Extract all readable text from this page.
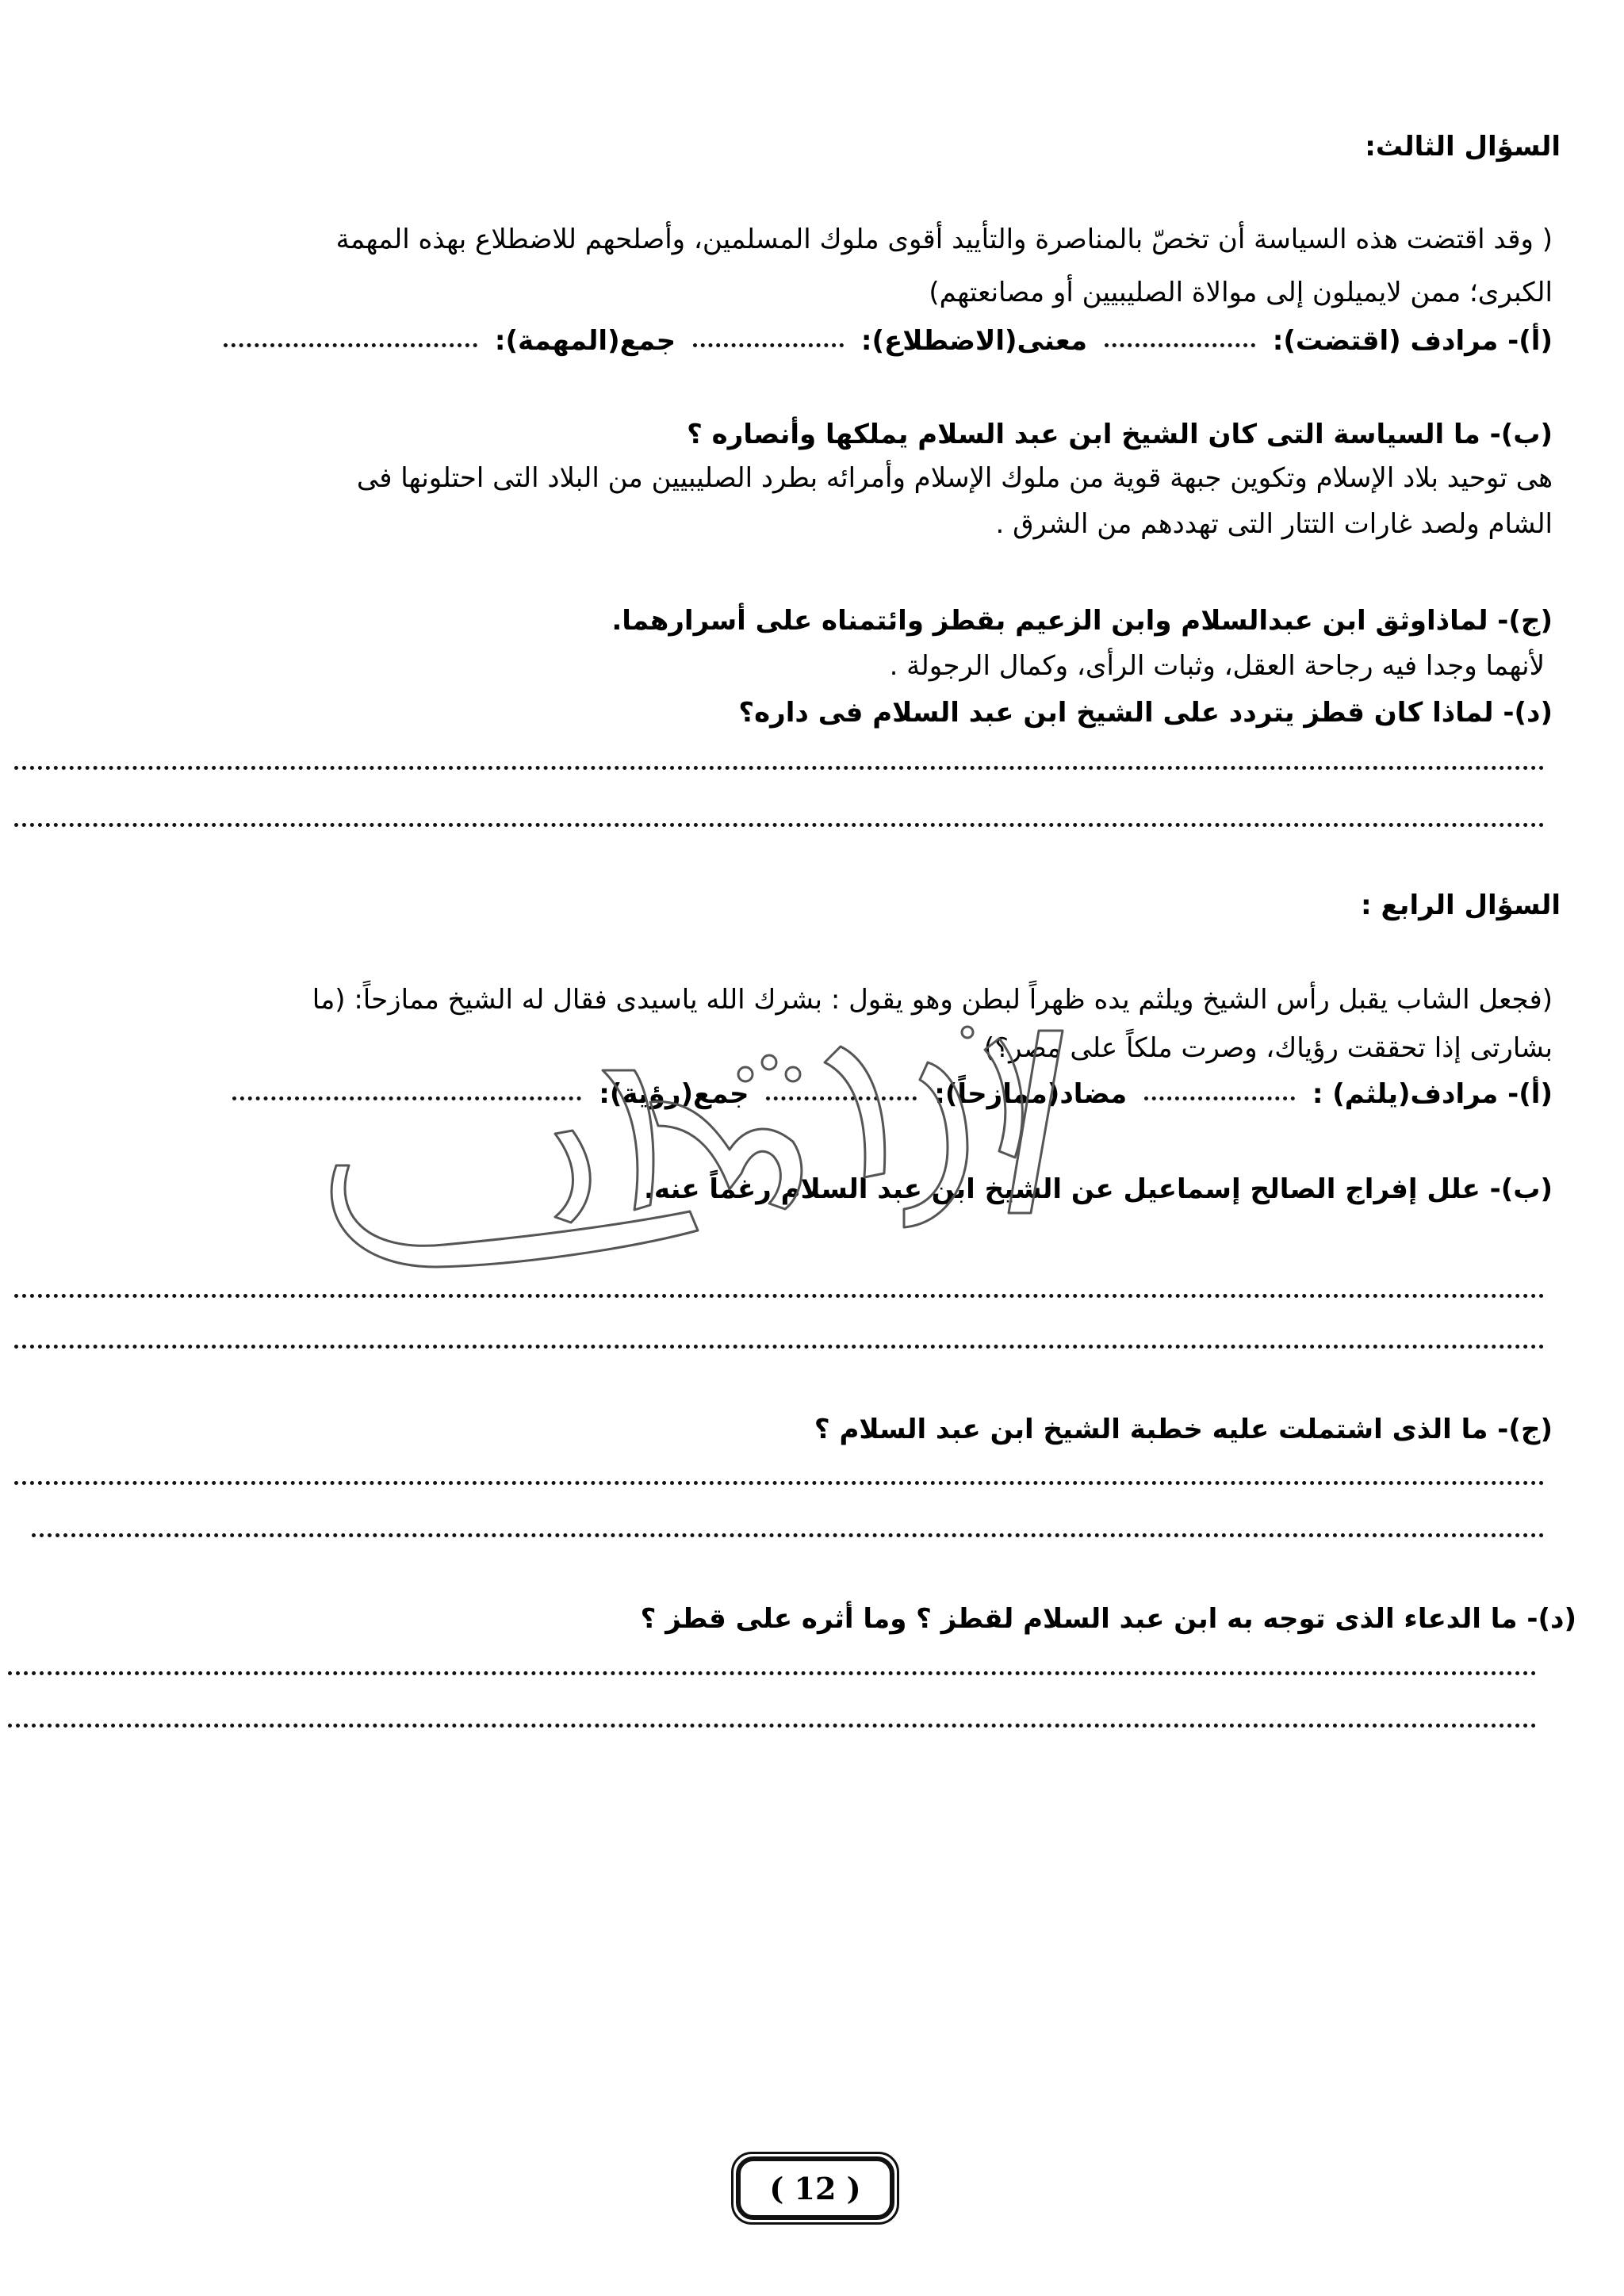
السؤال الثالث:
( وقد اقتضت هذه السياسة أن تخصّ بالمناصرة والتأييد أقوى ملوك المسلمين، وأصلحهم للاضطلاع بهذه المهمة
الكبرى؛ ممن لايميلون إلى موالاة الصليبيين أو مصانعتهم)
(أ)- مرادف (اقتضت):  معنى(الاضطلاع):  جمع(المهمة):
(ب)- ما السياسة التى كان الشيخ ابن عبد السلام يملكها وأنصاره ؟
هى توحيد بلاد الإسلام وتكوين جبهة قوية من ملوك الإسلام وأمرائه بطرد الصليبيين من البلاد التى احتلونها فى
الشام ولصد غارات التتار التى تهددهم من الشرق .
(ج)- لماذاوثق ابن عبدالسلام وابن الزعيم بقطز وائتمناه على أسرارهما.
لأنهما وجدا فيه رجاحة العقل، وثبات الرأى، وكمال الرجولة .
(د)- لماذا كان قطز يتردد على الشيخ ابن عبد السلام فى داره؟
السؤال الرابع :
(فجعل الشاب يقبل رأس الشيخ ويلثم يده ظهراً لبطن وهو يقول : بشرك الله ياسيدى فقال له الشيخ ممازحاً: (ما
بشارتى إذا تحققت رؤياك، وصرت ملكاً على مصر؟)
(أ)- مرادف(يلثم) :  مضاد(ممازحاً):  جمع(رؤية):
(ب)- علل إفراج الصالح إسماعيل عن الشيخ ابن عبد السلام رغماً عنه.
(ج)- ما الذى اشتملت عليه خطبة الشيخ ابن عبد السلام ؟
(د)- ما الدعاء الذى توجه به ابن عبد السلام لقطز ؟ وما أثره على قطز ؟
( 12 )
